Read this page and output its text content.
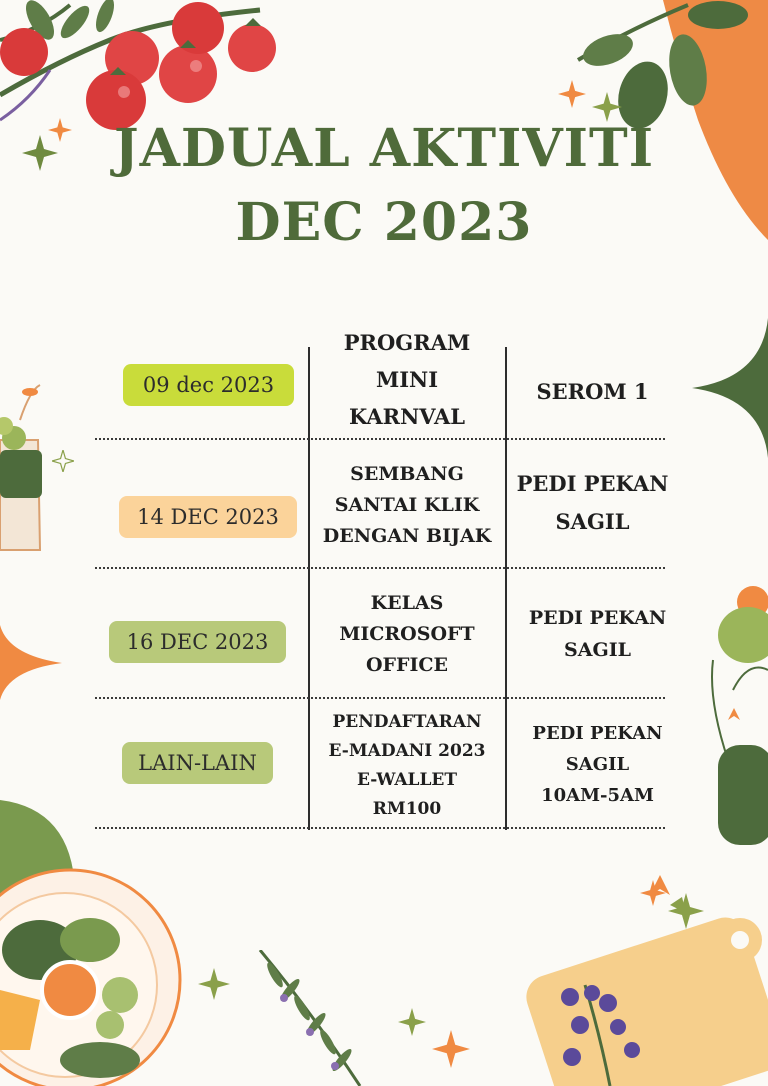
JADUAL AKTIVITI
DEC 2023
09 dec 2023
PROGRAM
MINI
KARNVAL
SEROM 1
14 DEC 2023
SEMBANG
SANTAI KLIK
DENGAN BIJAK
PEDI PEKAN
SAGIL
16 DEC 2023
KELAS
MICROSOFT
OFFICE
PEDI PEKAN
SAGIL
LAIN-LAIN
PENDAFTARAN
E-MADANI 2023
E-WALLET
RM100
PEDI PEKAN
SAGIL
10AM-5AM
